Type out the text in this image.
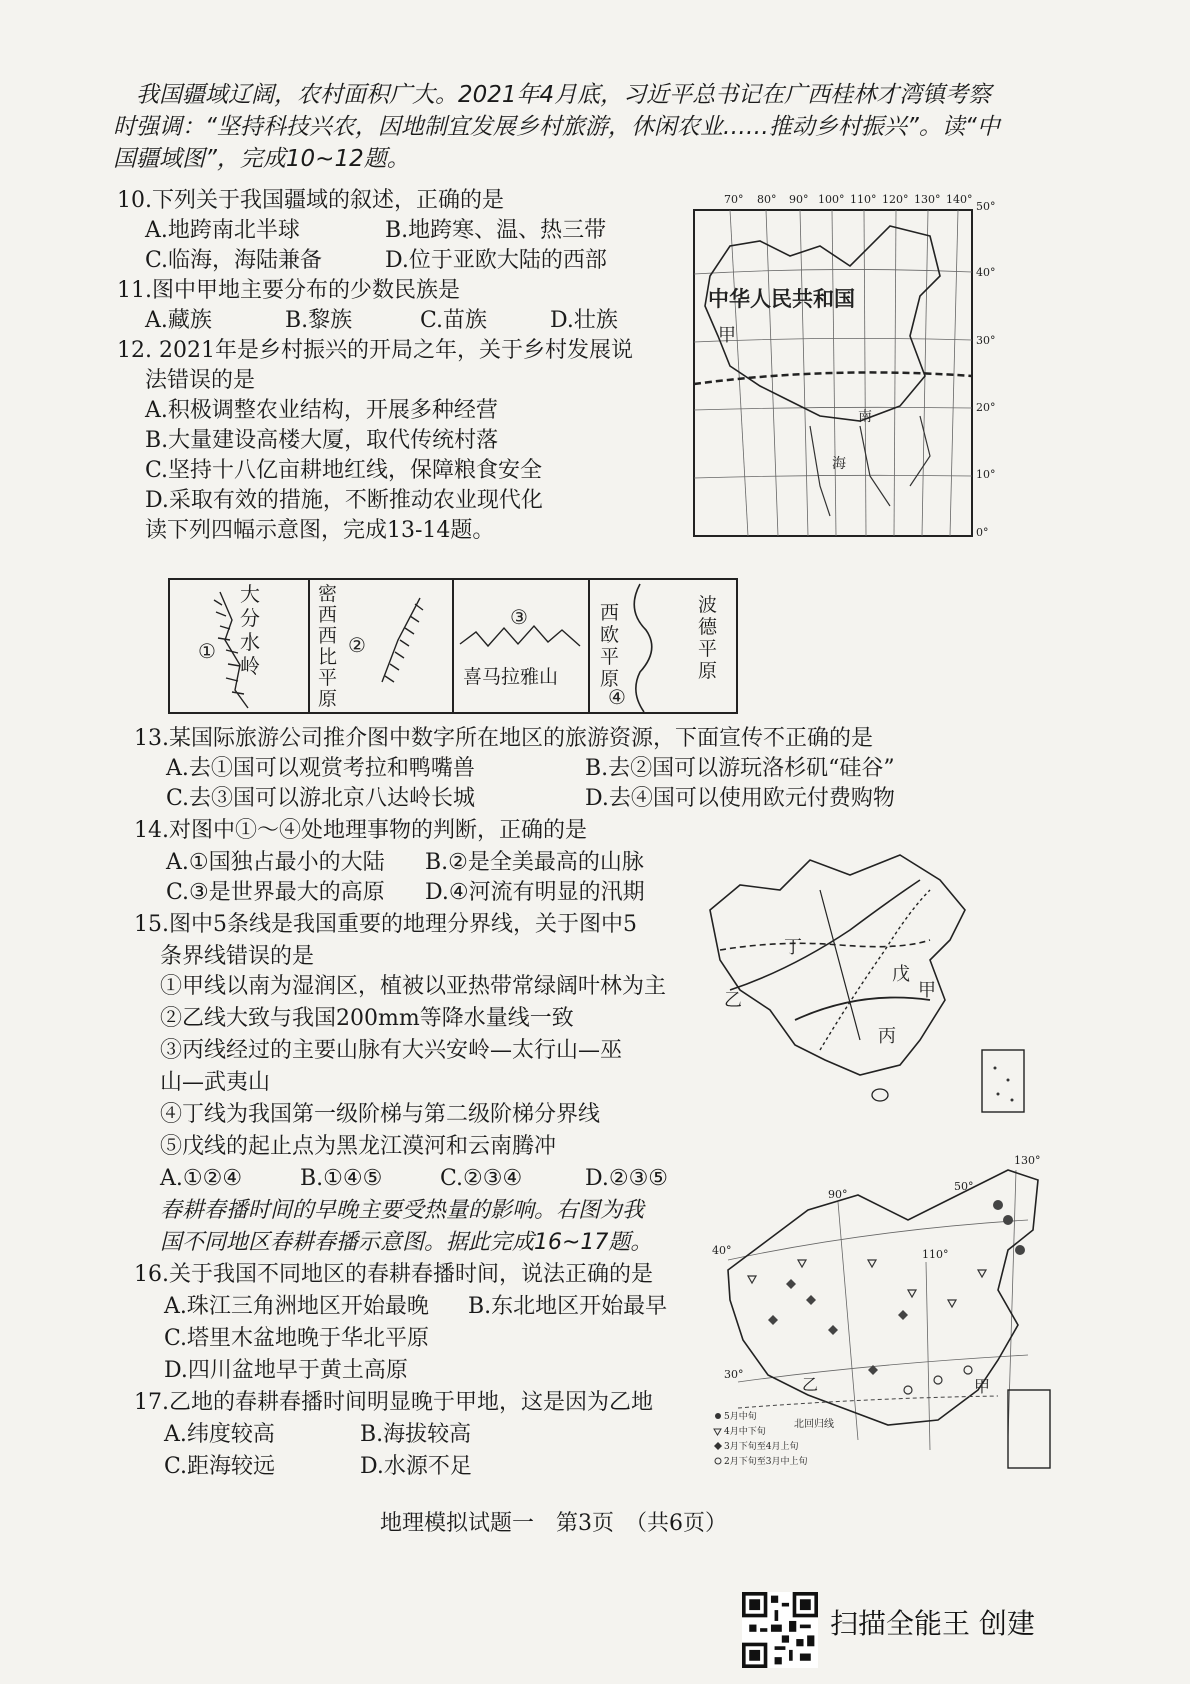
我国疆域辽阔，农村面积广大。2021年4月底，习近平总书记在广西桂林才湾镇考察
时强调：“坚持科技兴农，因地制宜发展乡村旅游，休闲农业……推动乡村振兴”。读“中
国疆域图”，完成10~12题。
10.下列关于我国疆域的叙述，正确的是
A.地跨南北半球	B.地跨寒、温、热三带
C.临海，海陆兼备	D.位于亚欧大陆的西部
11.图中甲地主要分布的少数民族是
A.藏族	B.黎族	C.苗族	D.壮族
12. 2021年是乡村振兴的开局之年，关于乡村发展说
法错误的是
A.积极调整农业结构，开展多种经营
B.大量建设高楼大厦，取代传统村落
C.坚持十八亿亩耕地红线，保障粮食安全
D.采取有效的措施，不断推动农业现代化
读下列四幅示意图，完成13-14题。
70° 80° 90° 100° 110° 120° 130° 140°
50°
40°
30°
20°
10°
0°
中华人民共和国
甲
南
海
①	②
③
④
大分水岭
密西西比平原
喜马拉雅山
西欧平原
波德平原
13.某国际旅游公司推介图中数字所在地区的旅游资源，下面宣传不正确的是
A.去①国可以观赏考拉和鸭嘴兽	B.去②国可以游玩洛杉矶“硅谷”
C.去③国可以游北京八达岭长城	D.去④国可以使用欧元付费购物
14.对图中①～④处地理事物的判断，正确的是
A.①国独占最小的大陆 B.②是全美最高的山脉
C.③是世界最大的高原 D.④河流有明显的汛期
15.图中5条线是我国重要的地理分界线，关于图中5
条界线错误的是
①甲线以南为湿润区，植被以亚热带常绿阔叶林为主
②乙线大致与我国200mm等降水量线一致
③丙线经过的主要山脉有大兴安岭—太行山—巫
山—武夷山
④丁线为我国第一级阶梯与第二级阶梯分界线
⑤戊线的起止点为黑龙江漠河和云南腾冲
A.①②④	B.①④⑤	C.②③④	D.②③⑤
丁
戊
甲
乙
丙
春耕春播时间的早晚主要受热量的影响。右图为我
国不同地区春耕春播示意图。据此完成16~17题。
16.关于我国不同地区的春耕春播时间，说法正确的是
A.珠江三角洲地区开始最晚 B.东北地区开始最早
C.塔里木盆地晚于华北平原
D.四川盆地早于黄土高原
17.乙地的春耕春播时间明显晚于甲地，这是因为乙地
A.纬度较高	B.海拔较高
C.距海较远	D.水源不足
90°
110°
130°
50°
40°
30°
乙	甲
北回归线
5月中旬
4月中下旬
3月下旬至4月上旬
2月下旬至3月中上旬
地理模拟试题一　第3页　（共6页）
扫描全能王 创建
